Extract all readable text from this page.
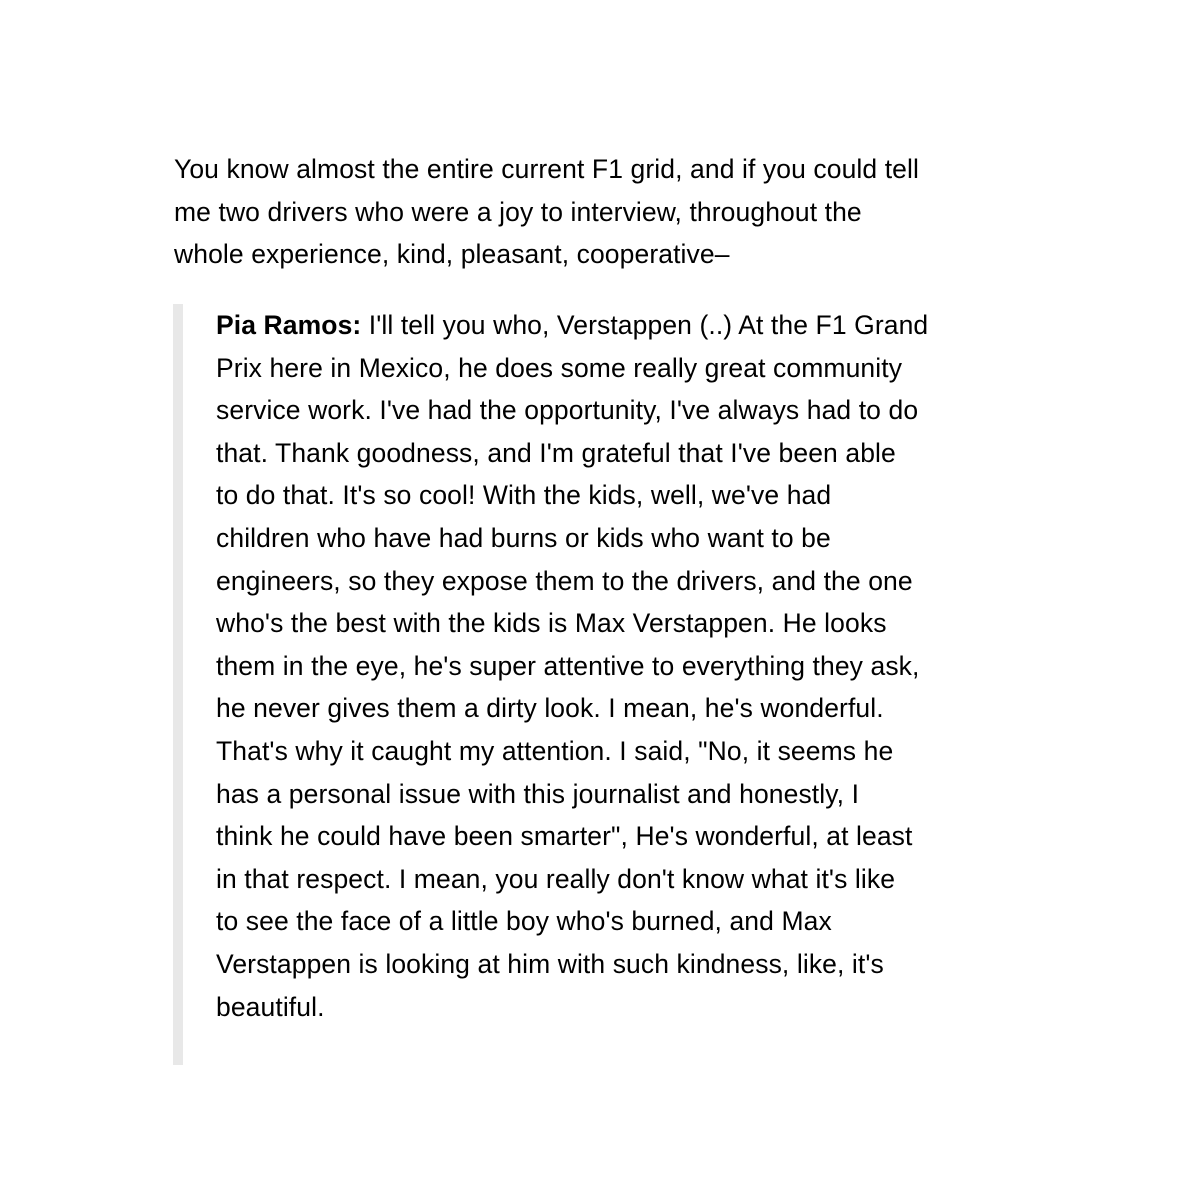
You know almost the entire current F1 grid, and if you could tell
me two drivers who were a joy to interview, throughout the
whole experience, kind, pleasant, cooperative–

Pia Ramos: I'll tell you who, Verstappen (..) At the F1 Grand
Prix here in Mexico, he does some really great community
service work. I've had the opportunity, I've always had to do
that. Thank goodness, and I'm grateful that I've been able
to do that. It's so cool! With the kids, well, we've had
children who have had burns or kids who want to be
engineers, so they expose them to the drivers, and the one
who's the best with the kids is Max Verstappen. He looks
them in the eye, he's super attentive to everything they ask,
he never gives them a dirty look. I mean, he's wonderful.
That's why it caught my attention. I said, "No, it seems he
has a personal issue with this journalist and honestly, I
think he could have been smarter", He's wonderful, at least
in that respect. I mean, you really don't know what it's like
to see the face of a little boy who's burned, and Max
Verstappen is looking at him with such kindness, like, it's
beautiful.
